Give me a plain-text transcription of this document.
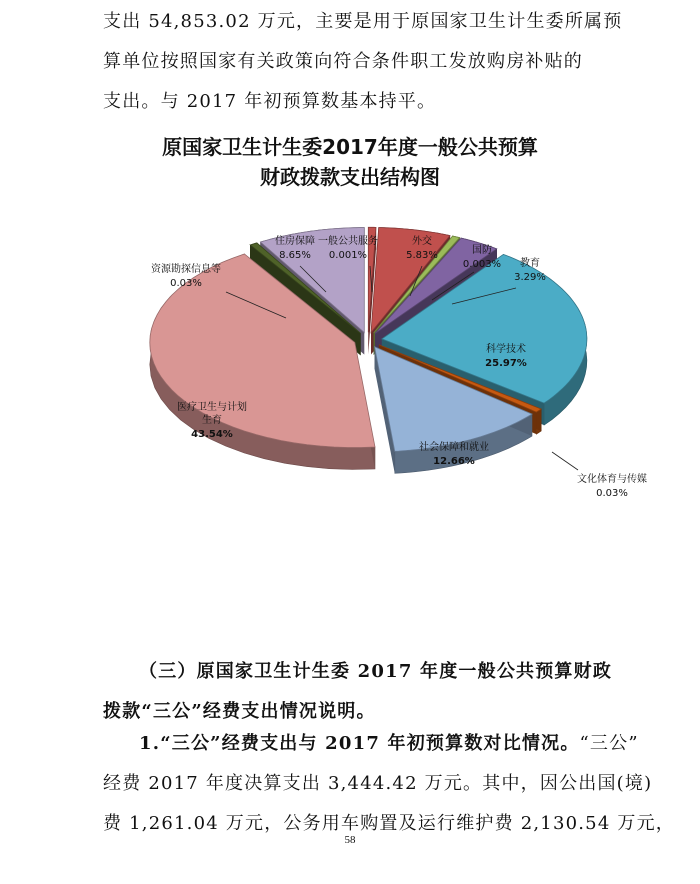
支出 54,853.02 万元，主要是用于原国家卫生计生委所属预
算单位按照国家有关政策向符合条件职工发放购房补贴的
支出。与 2017 年初预算数基本持平。
原国家卫生计生委2017年度一般公共预算
财政拨款支出结构图
一般公共服务
0.001%
外交
5.83%	国防
0.003% 教育
3.29%
科学技术
25.97%
文化体育与传媒
0.03%
社会保障和就业
12.66%
医疗卫生与计划
生育
43.54%
资源勘探信息等
0.03%
住房保障
8.65%
（三）原国家卫生计生委 2017 年度一般公共预算财政
拨款“三公”经费支出情况说明。
1.“三公”经费支出与 2017 年初预算数对比情况。“三公”
经费 2017 年度决算支出 3,444.42 万元。其中，因公出国(境)
费 1,261.04 万元，公务用车购置及运行维护费 2,130.54 万元，
58
